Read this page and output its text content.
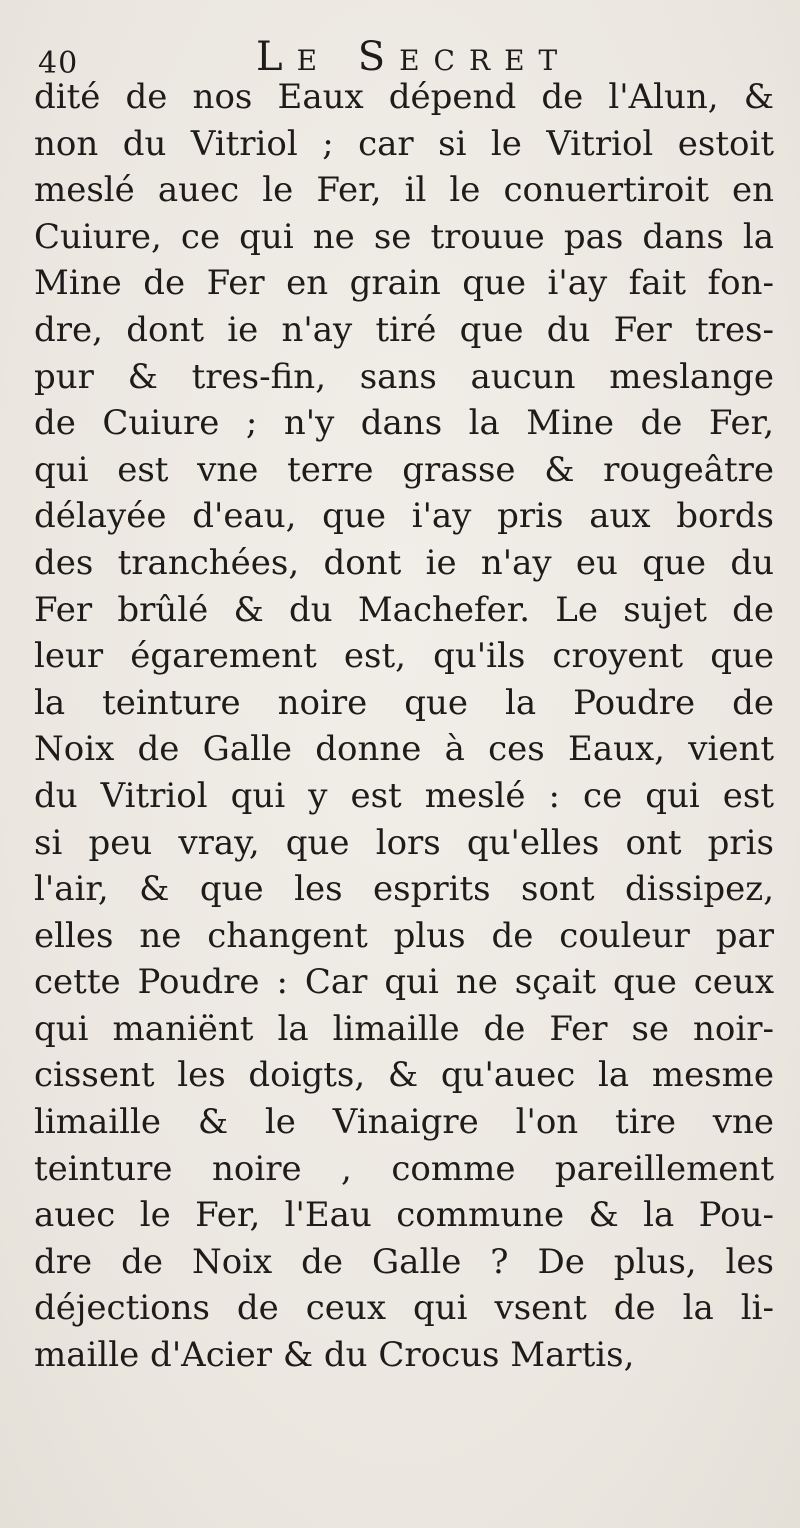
40	Le Secret
dité de nos Eaux dépend de l'Alun, &
non du Vitriol ; car si le Vitriol estoit
meslé auec le Fer, il le conuertiroit en
Cuiure, ce qui ne se trouue pas dans la
Mine de Fer en grain que i'ay fait fon-
dre, dont ie n'ay tiré que du Fer tres-
pur & tres-fin, sans aucun meslange
de Cuiure ; n'y dans la Mine de Fer,
qui est vne terre grasse & rougeâtre
délayée d'eau, que i'ay pris aux bords
des tranchées, dont ie n'ay eu que du
Fer brûlé & du Machefer. Le sujet de
leur égarement est, qu'ils croyent que
la teinture noire que la Poudre de
Noix de Galle donne à ces Eaux, vient
du Vitriol qui y est meslé : ce qui est
si peu vray, que lors qu'elles ont pris
l'air, & que les esprits sont dissipez,
elles ne changent plus de couleur par
cette Poudre : Car qui ne sçait que ceux
qui maniënt la limaille de Fer se noir-
cissent les doigts, & qu'auec la mesme
limaille & le Vinaigre l'on tire vne
teinture noire , comme pareillement
auec le Fer, l'Eau commune & la Pou-
dre de Noix de Galle ? De plus, les
déjections de ceux qui vsent de la li-
maille d'Acier & du Crocus Martis,
